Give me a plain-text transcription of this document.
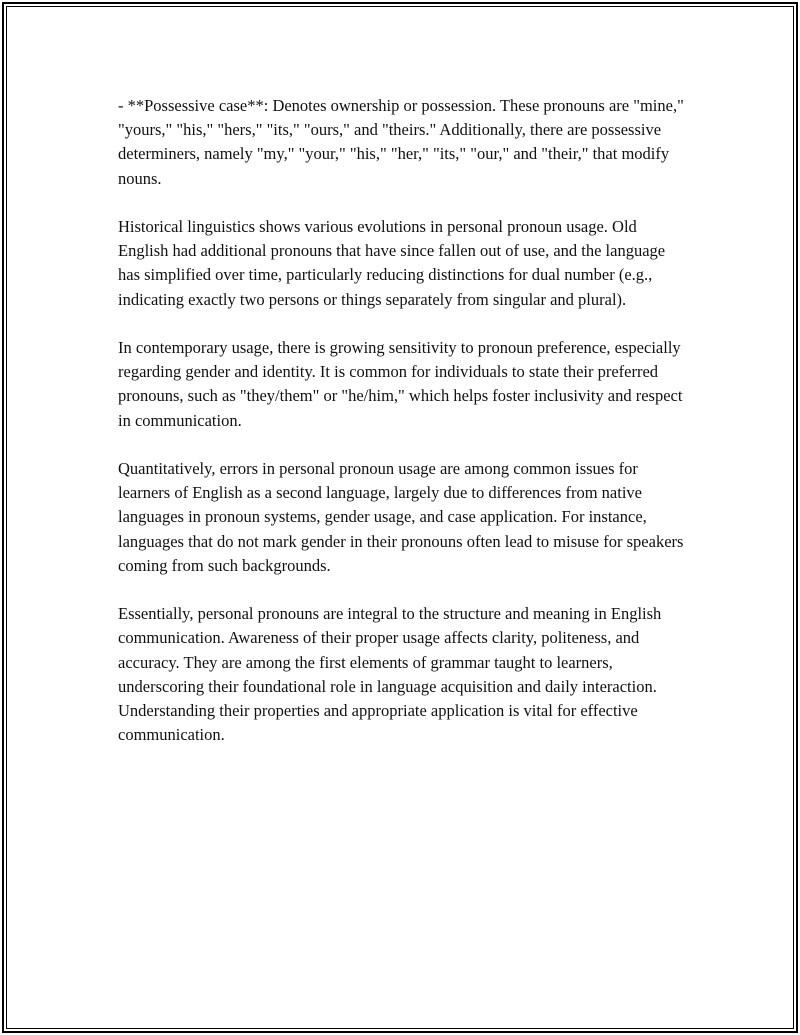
- **Possessive case**: Denotes ownership or possession. These pronouns are "mine," "yours," "his," "hers," "its," "ours," and "theirs." Additionally, there are possessive determiners, namely "my," "your," "his," "her," "its," "our," and "their," that modify nouns.

Historical linguistics shows various evolutions in personal pronoun usage. Old English had additional pronouns that have since fallen out of use, and the language has simplified over time, particularly reducing distinctions for dual number (e.g., indicating exactly two persons or things separately from singular and plural).

In contemporary usage, there is growing sensitivity to pronoun preference, especially regarding gender and identity. It is common for individuals to state their preferred pronouns, such as "they/them" or "he/him," which helps foster inclusivity and respect in communication.

Quantitatively, errors in personal pronoun usage are among common issues for learners of English as a second language, largely due to differences from native languages in pronoun systems, gender usage, and case application. For instance, languages that do not mark gender in their pronouns often lead to misuse for speakers coming from such backgrounds.

Essentially, personal pronouns are integral to the structure and meaning in English communication. Awareness of their proper usage affects clarity, politeness, and accuracy. They are among the first elements of grammar taught to learners, underscoring their foundational role in language acquisition and daily interaction. Understanding their properties and appropriate application is vital for effective communication.
